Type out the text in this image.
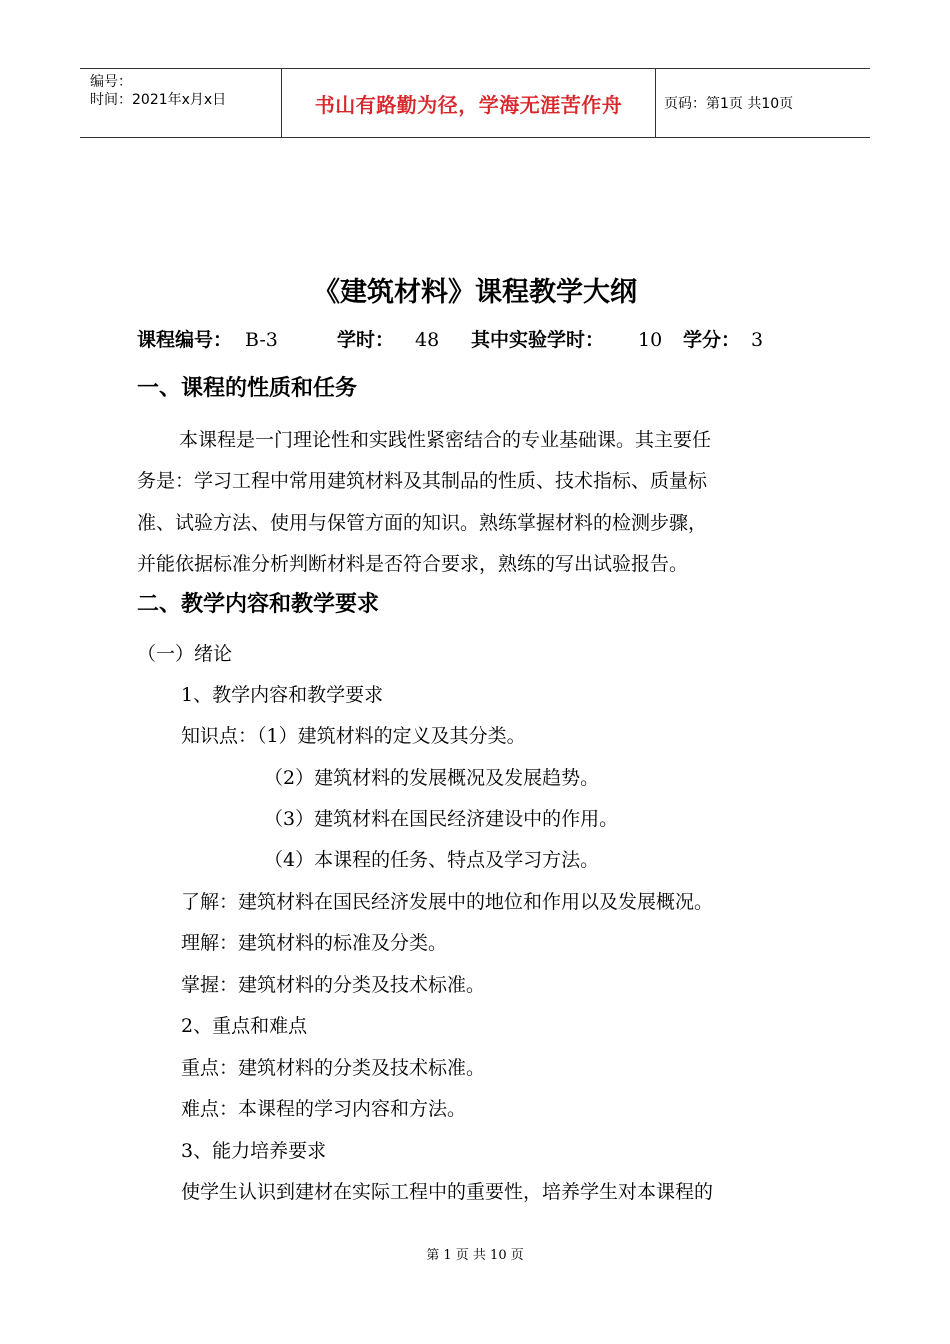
编号：
时间：2021年x月x日	书山有路勤为径，学海无涯苦作舟	页码：第1页 共10页
《建筑材料》课程教学大纲
课程编号： B-3	学时： 48 其中实验学时： 10 学分： 3
一、课程的性质和任务
本课程是一门理论性和实践性紧密结合的专业基础课。其主要任
务是：学习工程中常用建筑材料及其制品的性质、技术指标、质量标
准、试验方法、使用与保管方面的知识。熟练掌握材料的检测步骤，
并能依据标准分析判断材料是否符合要求，熟练的写出试验报告。
二、教学内容和教学要求
（一）绪论
1、教学内容和教学要求
知识点：（1）建筑材料的定义及其分类。
（2）建筑材料的发展概况及发展趋势。
（3）建筑材料在国民经济建设中的作用。
（4）本课程的任务、特点及学习方法。
了解：建筑材料在国民经济发展中的地位和作用以及发展概况。
理解：建筑材料的标准及分类。
掌握：建筑材料的分类及技术标准。
2、重点和难点
重点：建筑材料的分类及技术标准。
难点：本课程的学习内容和方法。
3、能力培养要求
使学生认识到建材在实际工程中的重要性，培养学生对本课程的
第 1 页 共 10 页
